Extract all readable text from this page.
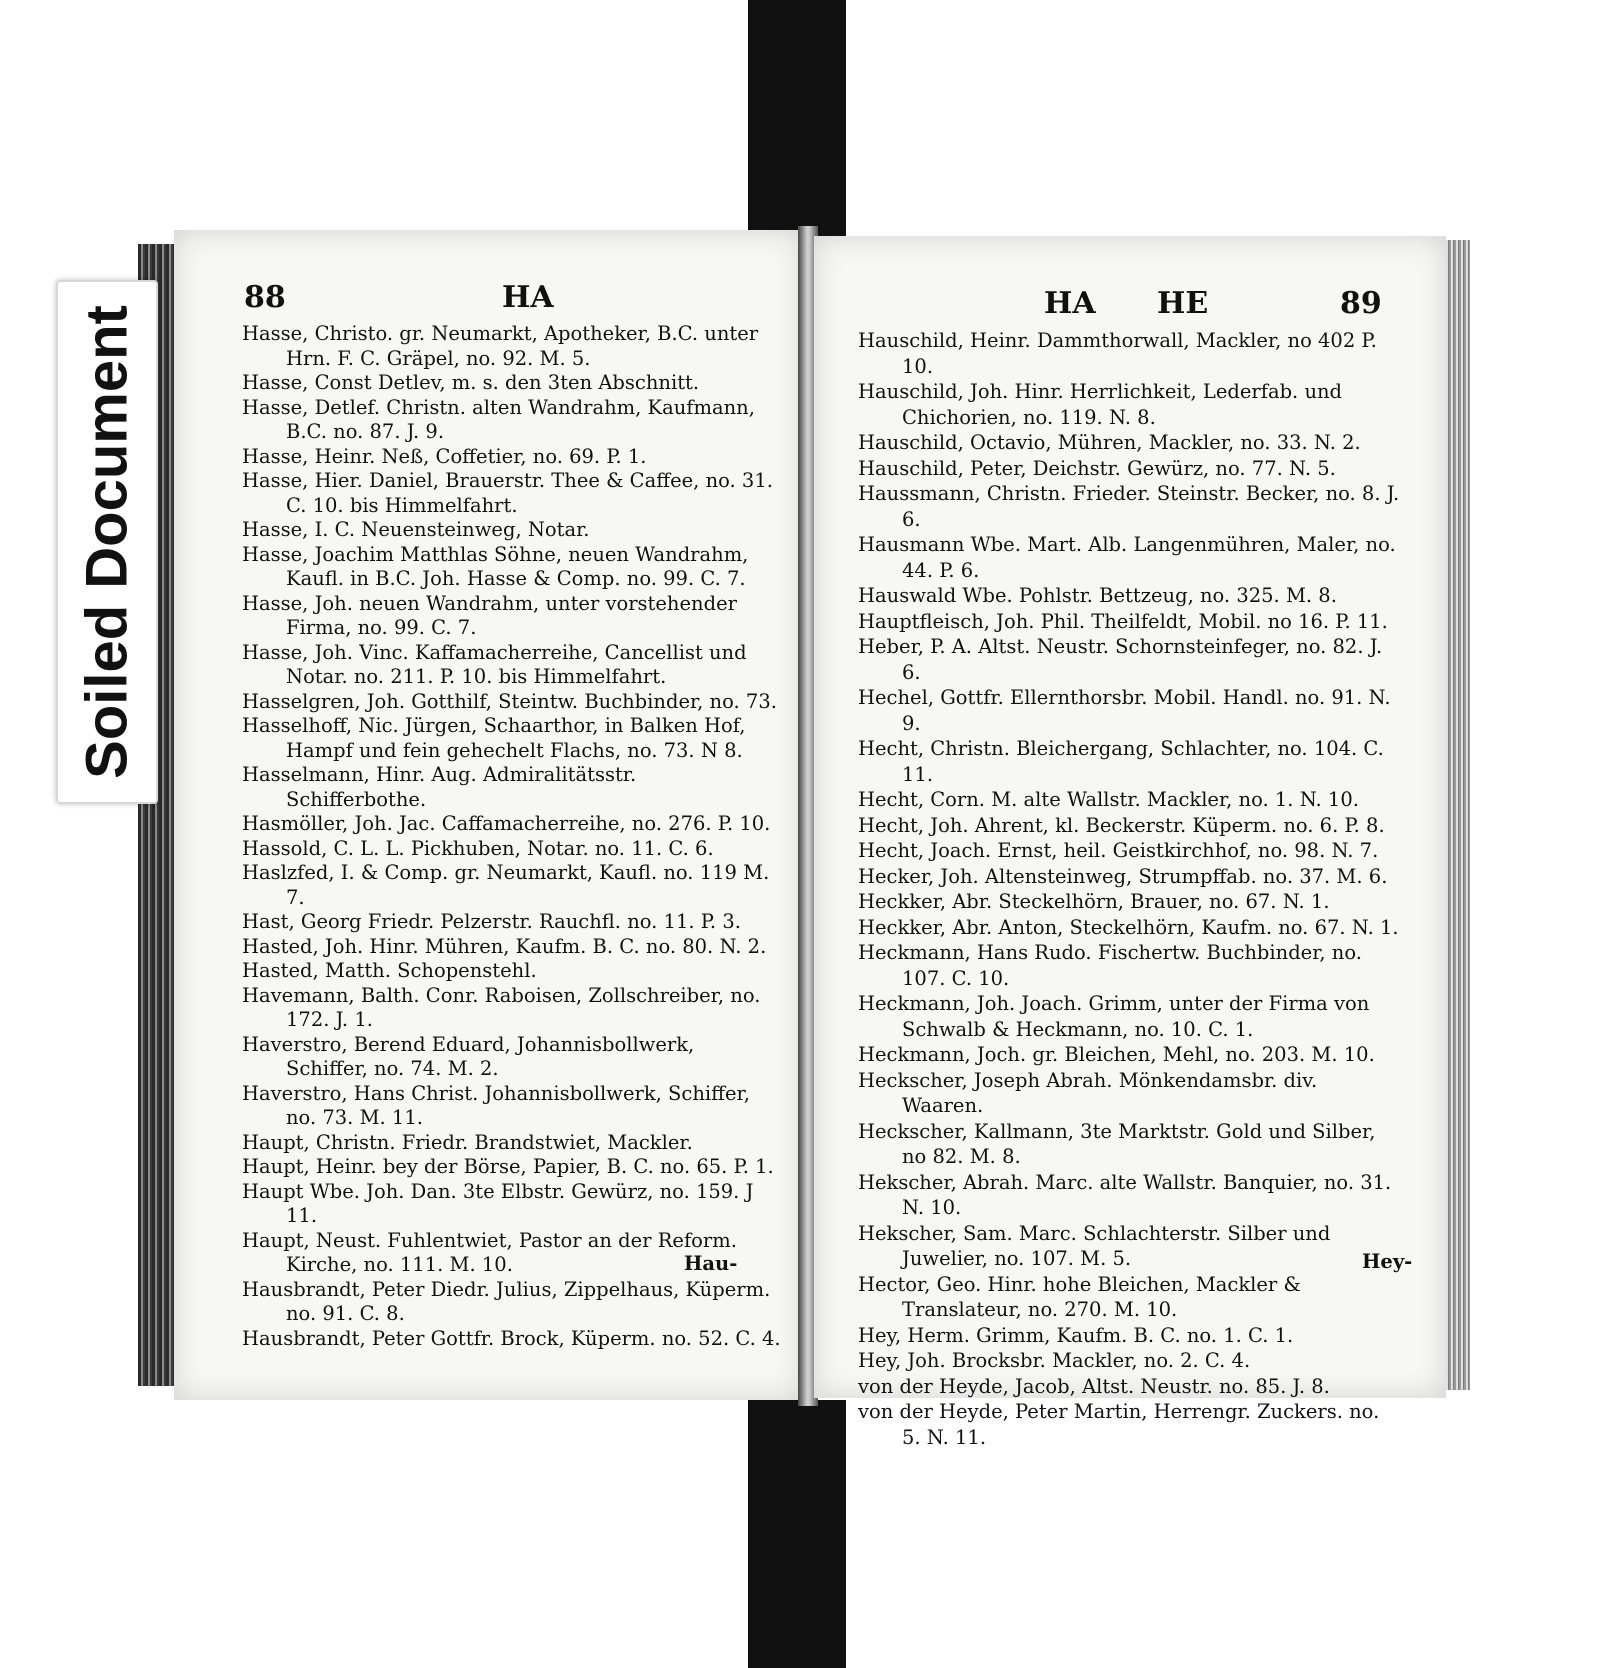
88	HA
Hasse, Christo. gr. Neumarkt, Apotheker, B.C. unter Hrn. F. C. Gräpel, no. 92. M. 5.
Hasse, Const Detlev, m. s. den 3ten Abschnitt.
Hasse, Detlef. Christn. alten Wandrahm, Kaufmann, B.C. no. 87. J. 9.
Hasse, Heinr. Neß, Coffetier, no. 69. P. 1.
Hasse, Hier. Daniel, Brauerstr. Thee & Caffee, no. 31. C. 10. bis Himmelfahrt.
Hasse, I. C. Neuensteinweg, Notar.
Hasse, Joachim Matthlas Söhne, neuen Wandrahm, Kaufl. in B.C. Joh. Hasse & Comp. no. 99. C. 7.
Hasse, Joh. neuen Wandrahm, unter vorstehender Firma, no. 99. C. 7.
Hasse, Joh. Vinc. Kaffamacherreihe, Cancellist und Notar. no. 211. P. 10. bis Himmelfahrt.
Hasselgren, Joh. Gotthilf, Steintw. Buchbinder, no. 73.
Hasselhoff, Nic. Jürgen, Schaarthor, in Balken Hof, Hampf und fein gehechelt Flachs, no. 73. N 8.
Hasselmann, Hinr. Aug. Admiralitätsstr. Schifferbothe.
Hasmöller, Joh. Jac. Caffamacherreihe, no. 276. P. 10.
Hassold, C. L. L. Pickhuben, Notar. no. 11. C. 6.
Haslzfed, I. & Comp. gr. Neumarkt, Kaufl. no. 119 M. 7.
Hast, Georg Friedr. Pelzerstr. Rauchfl. no. 11. P. 3.
Hasted, Joh. Hinr. Mühren, Kaufm. B. C. no. 80. N. 2.
Hasted, Matth. Schopenstehl.
Havemann, Balth. Conr. Raboisen, Zollschreiber, no. 172. J. 1.
Haverstro, Berend Eduard, Johannisbollwerk, Schiffer, no. 74. M. 2.
Haverstro, Hans Christ. Johannisbollwerk, Schiffer, no. 73. M. 11.
Haupt, Christn. Friedr. Brandstwiet, Mackler.
Haupt, Heinr. bey der Börse, Papier, B. C. no. 65. P. 1.
Haupt Wbe. Joh. Dan. 3te Elbstr. Gewürz, no. 159. J 11.
Haupt, Neust. Fuhlentwiet, Pastor an der Reform. Kirche, no. 111. M. 10.
Hausbrandt, Peter Diedr. Julius, Zippelhaus, Küperm. no. 91. C. 8.
Hausbrandt, Peter Gottfr. Brock, Küperm. no. 52. C. 4.
Hau-
HA HE	89
Hauschild, Heinr. Dammthorwall, Mackler, no 402 P. 10.
Hauschild, Joh. Hinr. Herrlichkeit, Lederfab. und Chichorien, no. 119. N. 8.
Hauschild, Octavio, Mühren, Mackler, no. 33. N. 2.
Hauschild, Peter, Deichstr. Gewürz, no. 77. N. 5.
Haussmann, Christn. Frieder. Steinstr. Becker, no. 8. J. 6.
Hausmann Wbe. Mart. Alb. Langenmühren, Maler, no. 44. P. 6.
Hauswald Wbe. Pohlstr. Bettzeug, no. 325. M. 8.
Hauptfleisch, Joh. Phil. Theilfeldt, Mobil. no 16. P. 11.
Heber, P. A. Altst. Neustr. Schornsteinfeger, no. 82. J. 6.
Hechel, Gottfr. Ellernthorsbr. Mobil. Handl. no. 91. N. 9.
Hecht, Christn. Bleichergang, Schlachter, no. 104. C. 11.
Hecht, Corn. M. alte Wallstr. Mackler, no. 1. N. 10.
Hecht, Joh. Ahrent, kl. Beckerstr. Küperm. no. 6. P. 8.
Hecht, Joach. Ernst, heil. Geistkirchhof, no. 98. N. 7.
Hecker, Joh. Altensteinweg, Strumpffab. no. 37. M. 6.
Heckker, Abr. Steckelhörn, Brauer, no. 67. N. 1.
Heckker, Abr. Anton, Steckelhörn, Kaufm. no. 67. N. 1.
Heckmann, Hans Rudo. Fischertw. Buchbinder, no. 107. C. 10.
Heckmann, Joh. Joach. Grimm, unter der Firma von Schwalb & Heckmann, no. 10. C. 1.
Heckmann, Joch. gr. Bleichen, Mehl, no. 203. M. 10.
Heckscher, Joseph Abrah. Mönkendamsbr. div. Waaren.
Heckscher, Kallmann, 3te Marktstr. Gold und Silber, no 82. M. 8.
Hekscher, Abrah. Marc. alte Wallstr. Banquier, no. 31. N. 10.
Hekscher, Sam. Marc. Schlachterstr. Silber und Juwelier, no. 107. M. 5.
Hector, Geo. Hinr. hohe Bleichen, Mackler & Translateur, no. 270. M. 10.
Hey, Herm. Grimm, Kaufm. B. C. no. 1. C. 1.
Hey, Joh. Brocksbr. Mackler, no. 2. C. 4.
von der Heyde, Jacob, Altst. Neustr. no. 85. J. 8.
von der Heyde, Peter Martin, Herrengr. Zuckers. no. 5. N. 11.
Hey-
Soiled Document
